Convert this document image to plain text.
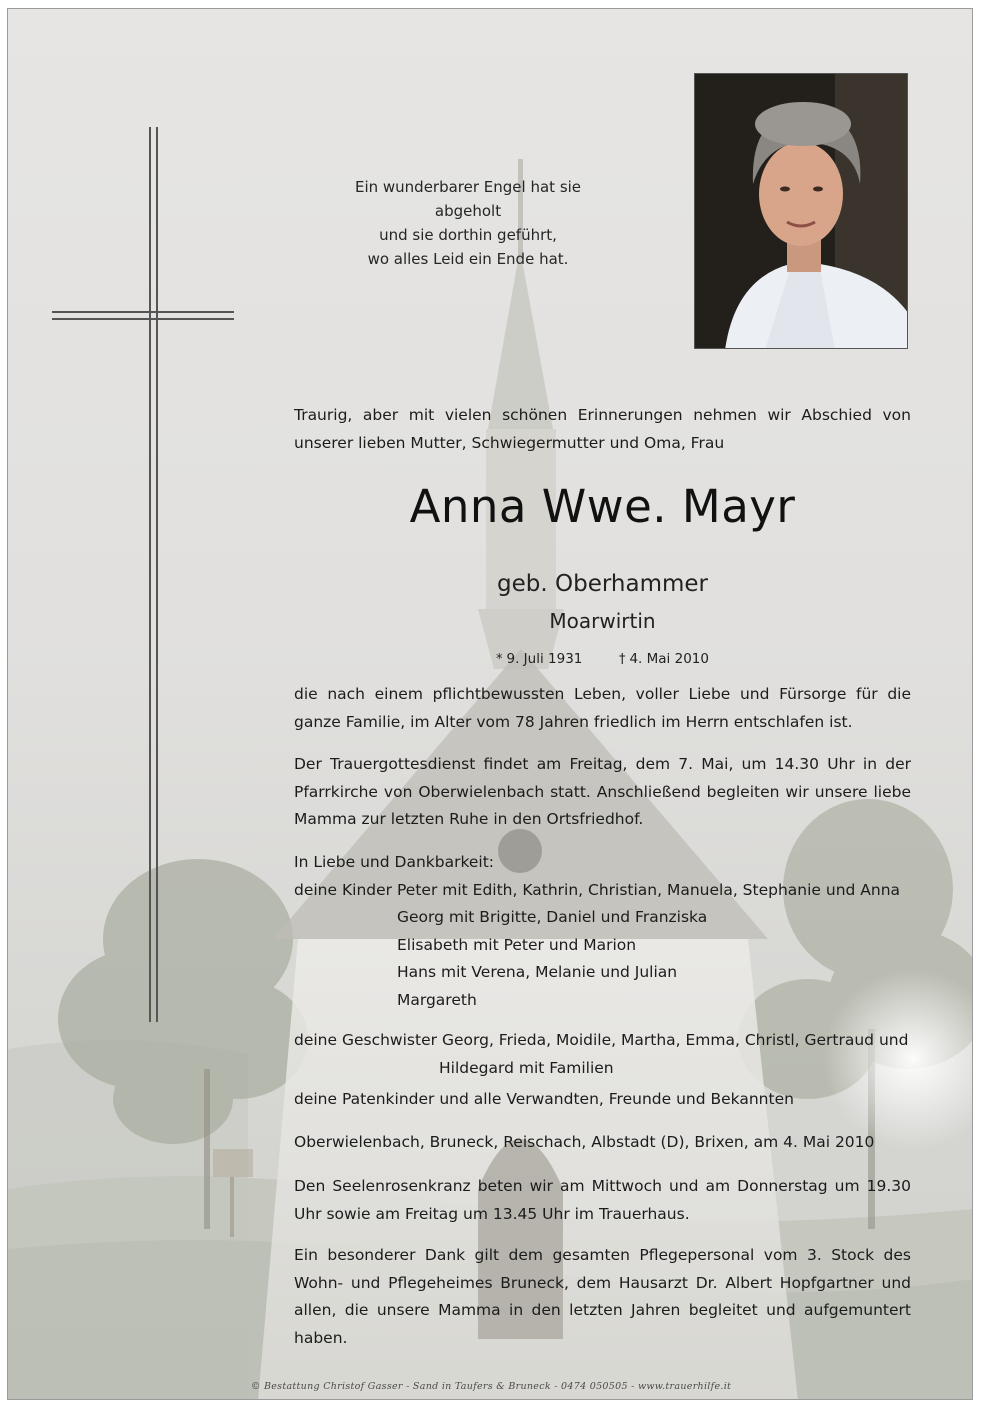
Ein wunderbarer Engel hat sie abgeholt
und sie dorthin geführt,
wo alles Leid ein Ende hat.
Traurig, aber mit vielen schönen Erinnerungen nehmen wir Abschied von unserer lieben Mutter, Schwiegermutter und Oma, Frau
Anna Wwe. Mayr
geb. Oberhammer
Moarwirtin
* 9. Juli 1931	† 4. Mai 2010
die nach einem pflichtbewussten Leben, voller Liebe und Fürsorge für die ganze Familie, im Alter vom 78 Jahren friedlich im Herrn entschlafen ist.
Der Trauergottesdienst findet am Freitag, dem 7. Mai, um 14.30 Uhr in der Pfarrkirche von Oberwielenbach statt. Anschließend begleiten wir unsere liebe Mamma zur letzten Ruhe in den Ortsfriedhof.
In Liebe und Dankbarkeit:
deine Kinder Peter mit Edith, Kathrin, Christian, Manuela, Stephanie und Anna
Georg mit Brigitte, Daniel und Franziska
Elisabeth mit Peter und Marion
Hans mit Verena, Melanie und Julian
Margareth
deine Geschwister Georg, Frieda, Moidile, Martha, Emma, Christl, Gertraud und
Hildegard mit Familien
deine Patenkinder und alle Verwandten, Freunde und Bekannten
Oberwielenbach, Bruneck, Reischach, Albstadt (D), Brixen, am 4. Mai 2010
Den Seelenrosenkranz beten wir am Mittwoch und am Donnerstag um 19.30 Uhr sowie am Freitag um 13.45 Uhr im Trauerhaus.
Ein besonderer Dank gilt dem gesamten Pflegepersonal vom 3. Stock des Wohn- und Pflegeheimes Bruneck, dem Hausarzt Dr. Albert Hopfgartner und allen, die unsere Mamma in den letzten Jahren begleitet und aufgemuntert haben.
© Bestattung Christof Gasser - Sand in Taufers & Bruneck - 0474 050505 - www.trauerhilfe.it
